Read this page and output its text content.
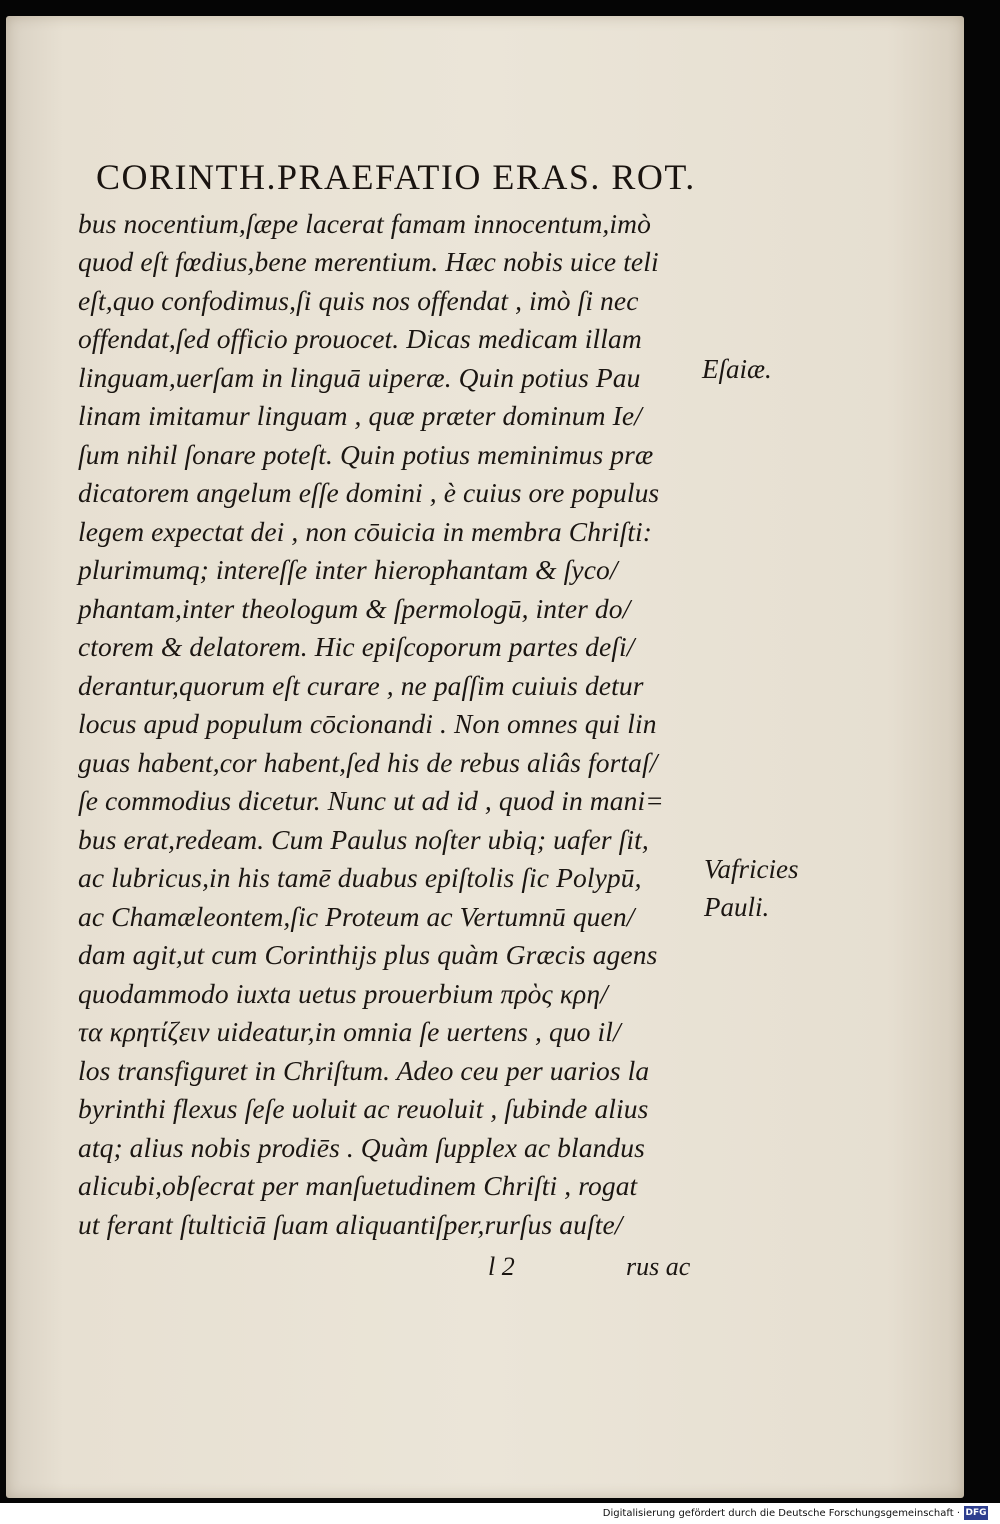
CORINTH.PRAEFATIO ERAS. ROT.
bus nocentium,ſæpe lacerat famam innocentum,imò
quod eſt fœdius,bene merentium. Hæc nobis uice teli
eſt,quo confodimus,ſi quis nos offendat , imò ſi nec
offendat,ſed officio prouocet. Dicas medicam illam
linguam,uerſam in linguā uiperæ. Quin potius Pau
linam imitamur linguam , quæ præter dominum Ie/
ſum nihil ſonare poteſt. Quin potius meminimus præ
dicatorem angelum eſſe domini , è cuius ore populus
legem expectat dei , non cōuicia in membra Chriſti:
plurimumq; intereſſe inter hierophantam & ſyco/
phantam,inter theologum & ſpermologū, inter do/
ctorem & delatorem. Hic epiſcoporum partes deſi/
derantur,quorum eſt curare , ne paſſim cuiuis detur
locus apud populum cōcionandi . Non omnes qui lin
guas habent,cor habent,ſed his de rebus aliâs fortaſ/
ſe commodius dicetur. Nunc ut ad id , quod in mani=
bus erat,redeam. Cum Paulus noſter ubiq; uafer ſit,
ac lubricus,in his tamē duabus epiſtolis ſic Polypū,
ac Chamæleontem,ſic Proteum ac Vertumnū quen/
dam agit,ut cum Corinthijs plus quàm Græcis agens
quodammodo iuxta uetus prouerbium πρὸς κρη/
τα κρητίζειν uideatur,in omnia ſe uertens , quo il/
los transfiguret in Chriſtum. Adeo ceu per uarios la
byrinthi flexus ſeſe uoluit ac reuoluit , ſubinde alius
atq; alius nobis prodiēs . Quàm ſupplex ac blandus
alicubi,obſecrat per manſuetudinem Chriſti , rogat
ut ferant ſtulticiā ſuam aliquantiſper,rurſus auſte/
Eſaiæ.
Vafricies
Pauli.
l 2	rus ac
Digitalisierung gefördert durch die Deutsche Forschungsgemeinschaft · DFG
